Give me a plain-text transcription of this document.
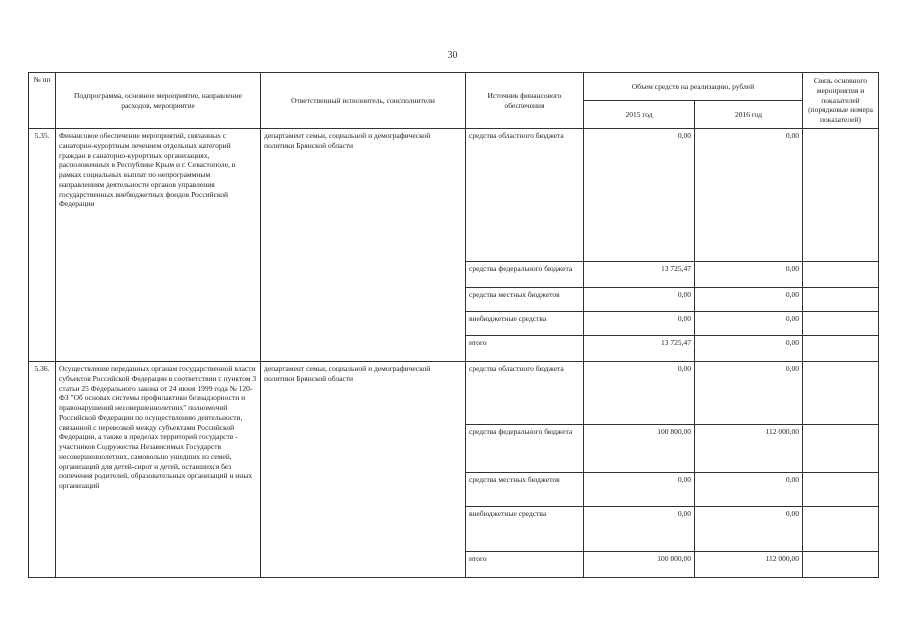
30
№ пп	Подпрограмма, основное мероприятие, направление расходов, мероприятие	Ответственный исполнитель, соисполнители	Источник финансового обеспечения	Объем средств на реализацию, рублей		Связь основного мероприятия и показателей (порядковые номера показателей)
				2015 год	2016 год	
5.35.	Финансовое обеспечение мероприятий, связанных с санаторно-курортным лечением отдельных категорий граждан в санаторно-курортных организациях, расположенных в Республике Крым и г. Севастополе, в рамках социальных выплат по непрограммным направлениям деятельности органов управления государственных внебюджетных фондов Российской Федерации	департамент семьи, социальной и демографической политики Брянской области	средства областного бюджета	0,00	0,00	
			средства федерального бюджета	13 725,47	0,00	
			средства местных бюджетов	0,00	0,00	
			внебюджетные средства	0,00	0,00	
			итого	13 725,47	0,00	
5.36.	Осуществление переданных органам государственной власти субъектов Российской Федерации в соответствии с пунктом 3 статьи 25 Федерального закона от 24 июня 1999 года № 120-ФЗ "Об основах системы профилактики безнадзорности и правонарушений несовершеннолетних" полномочий Российской Федерации по осуществлению деятельности, связанной с перевозкой между субъектами Российской Федерации, а также в пределах территорий государств - участников Содружества Независимых Государств несовершеннолетних, самовольно ушедших из семей, организаций для детей-сирот и детей, оставшихся без попечения родителей, образовательных организаций и иных организаций	департамент семьи, социальной и демографической политики Брянской области	средства областного бюджета	0,00	0,00	
			средства федерального бюджета	100 800,00	112 000,00	
			средства местных бюджетов	0,00	0,00	
			внебюджетные средства	0,00	0,00	
			итого	100 800,00	112 000,00	
